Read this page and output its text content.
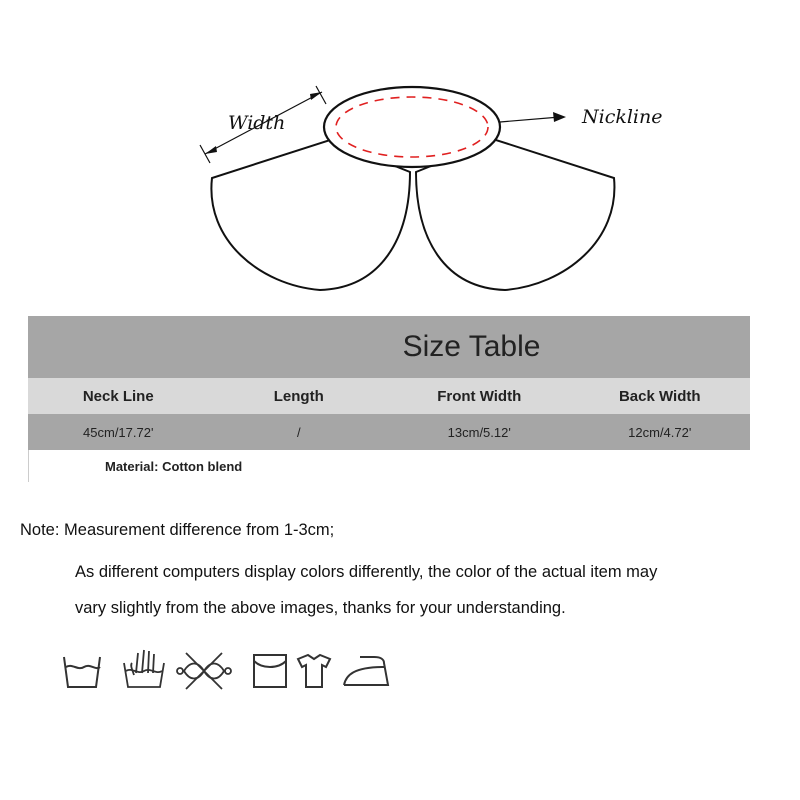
Width	Nickline
Size Table
Neck Line	Length	Front Width	Back Width
45cm/17.72'	/	13cm/5.12'	12cm/4.72'
Material: Cotton blend
Note: Measurement difference from 1-3cm;
As different computers display colors differently, the color of the actual item may
vary slightly from the above images, thanks for your understanding.
